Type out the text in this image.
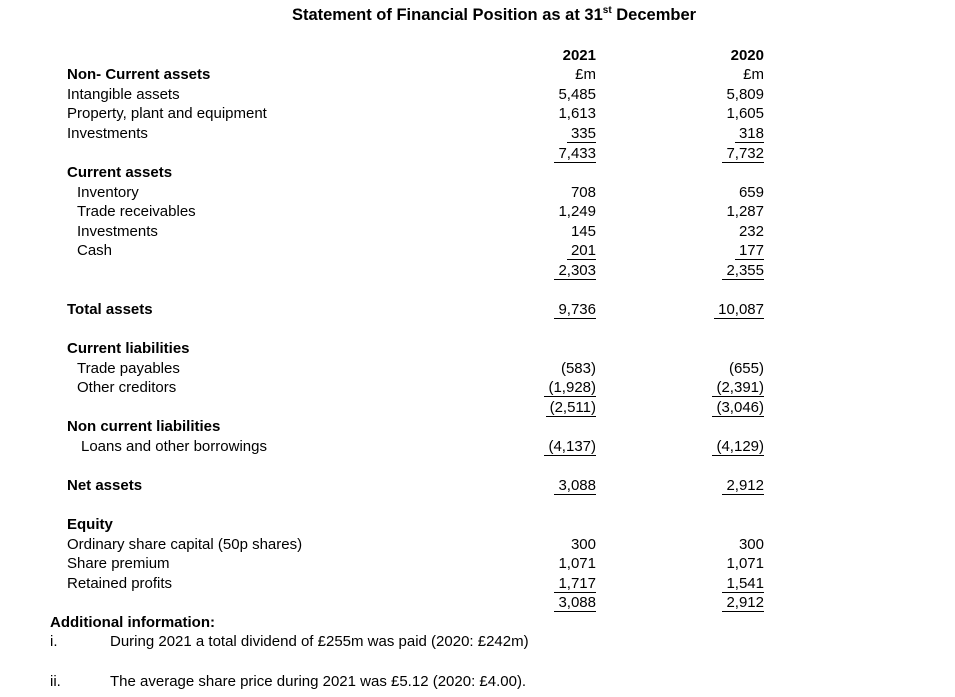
Statement of Financial Position as at 31st December
2021	2020
£m	£m
Non- Current assets
Intangible assets	5,485	5,809
Property, plant and equipment	1,613	1,605
Investments	335	318
7,433	7,732
Current assets
Inventory	708	659
Trade receivables	1,249	1,287
Investments	145	232
Cash	201	177
2,303	2,355
Total assets	9,736	10,087
Current liabilities
Trade payables	(583)	(655)
Other creditors	(1,928)	(2,391)
(2,511)	(3,046)
Non current liabilities
Loans and other borrowings	(4,137)	(4,129)
Net assets	3,088	2,912
Equity
Ordinary share capital (50p shares)	300	300
Share premium	1,071	1,071
Retained profits	1,717	1,541
3,088	2,912
Additional information:
i.	During 2021 a total dividend of £255m was paid (2020: £242m)
ii.	The average share price during 2021 was £5.12 (2020: £4.00).
